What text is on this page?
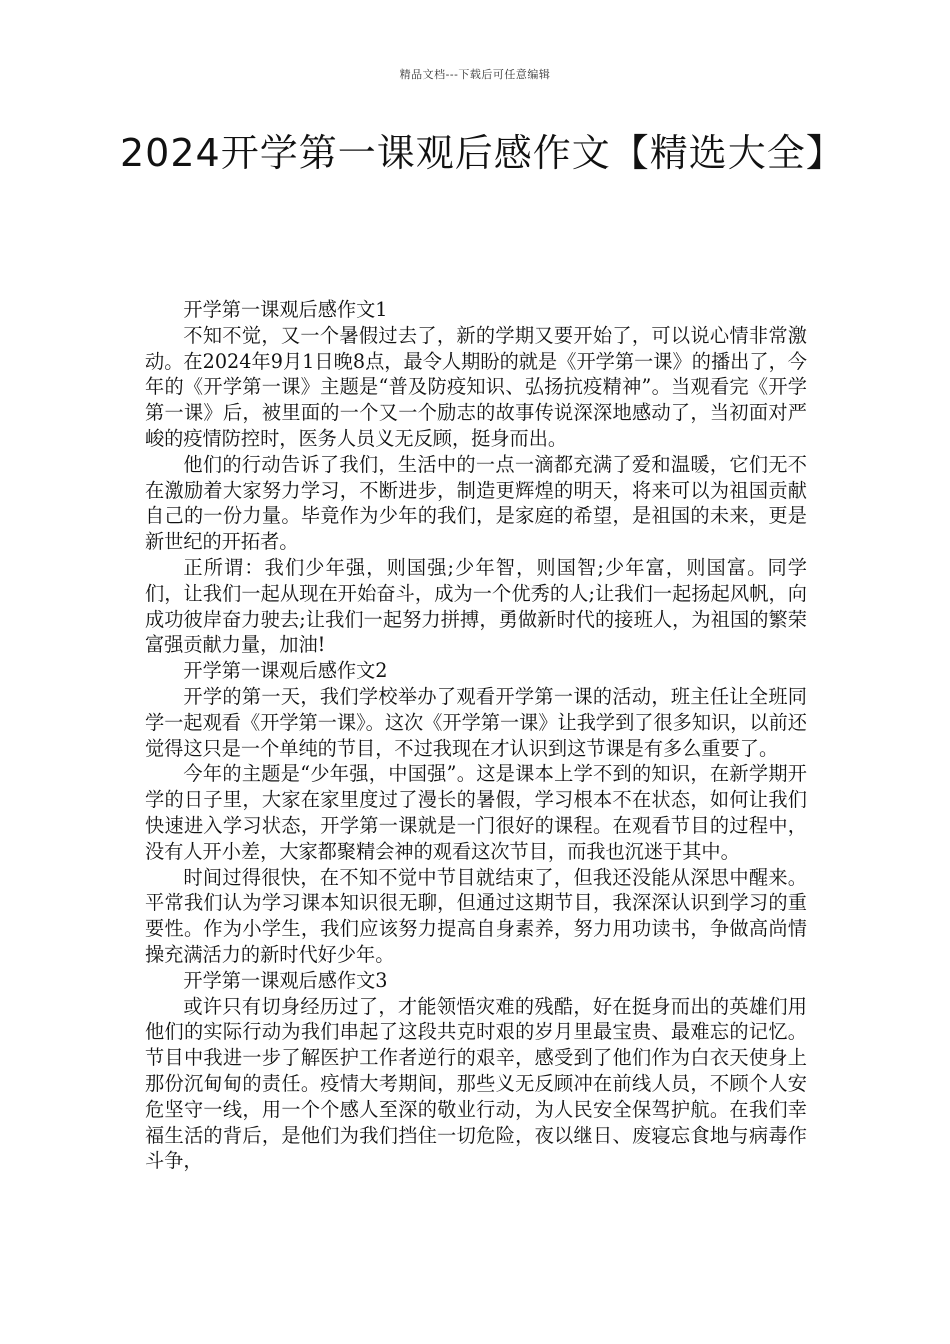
精品文档---下载后可任意编辑
2024开学第一课观后感作文【精选大全】

开学第一课观后感作文1

不知不觉，又一个暑假过去了，新的学期又要开始了，可以说心情非常激动。在2024年9月1日晚8点，最令人期盼的就是《开学第一课》的播出了，今年的《开学第一课》主题是“普及防疫知识、弘扬抗疫精神”。当观看完《开学第一课》后，被里面的一个又一个励志的故事传说深深地感动了，当初面对严峻的疫情防控时，医务人员义无反顾，挺身而出。

他们的行动告诉了我们，生活中的一点一滴都充满了爱和温暖，它们无不在激励着大家努力学习，不断进步，制造更辉煌的明天，将来可以为祖国贡献自己的一份力量。毕竟作为少年的我们，是家庭的希望，是祖国的未来，更是新世纪的开拓者。

正所谓：我们少年强，则国强;少年智，则国智;少年富，则国富。同学们，让我们一起从现在开始奋斗，成为一个优秀的人;让我们一起扬起风帆，向成功彼岸奋力驶去;让我们一起努力拼搏，勇做新时代的接班人，为祖国的繁荣富强贡献力量，加油!

开学第一课观后感作文2

开学的第一天，我们学校举办了观看开学第一课的活动，班主任让全班同学一起观看《开学第一课》。这次《开学第一课》让我学到了很多知识，以前还觉得这只是一个单纯的节目，不过我现在才认识到这节课是有多么重要了。

今年的主题是“少年强，中国强”。这是课本上学不到的知识，在新学期开学的日子里，大家在家里度过了漫长的暑假，学习根本不在状态，如何让我们快速进入学习状态，开学第一课就是一门很好的课程。在观看节目的过程中，没有人开小差，大家都聚精会神的观看这次节目，而我也沉迷于其中。

时间过得很快，在不知不觉中节目就结束了，但我还没能从深思中醒来。平常我们认为学习课本知识很无聊，但通过这期节目，我深深认识到学习的重要性。作为小学生，我们应该努力提高自身素养，努力用功读书，争做高尚情操充满活力的新时代好少年。

开学第一课观后感作文3

或许只有切身经历过了，才能领悟灾难的残酷，好在挺身而出的英雄们用他们的实际行动为我们串起了这段共克时艰的岁月里最宝贵、最难忘的记忆。节目中我进一步了解医护工作者逆行的艰辛，感受到了他们作为白衣天使身上那份沉甸甸的责任。疫情大考期间，那些义无反顾冲在前线人员，不顾个人安危坚守一线，用一个个感人至深的敬业行动，为人民安全保驾护航。在我们幸福生活的背后，是他们为我们挡住一切危险，夜以继日、废寝忘食地与病毒作斗争，
